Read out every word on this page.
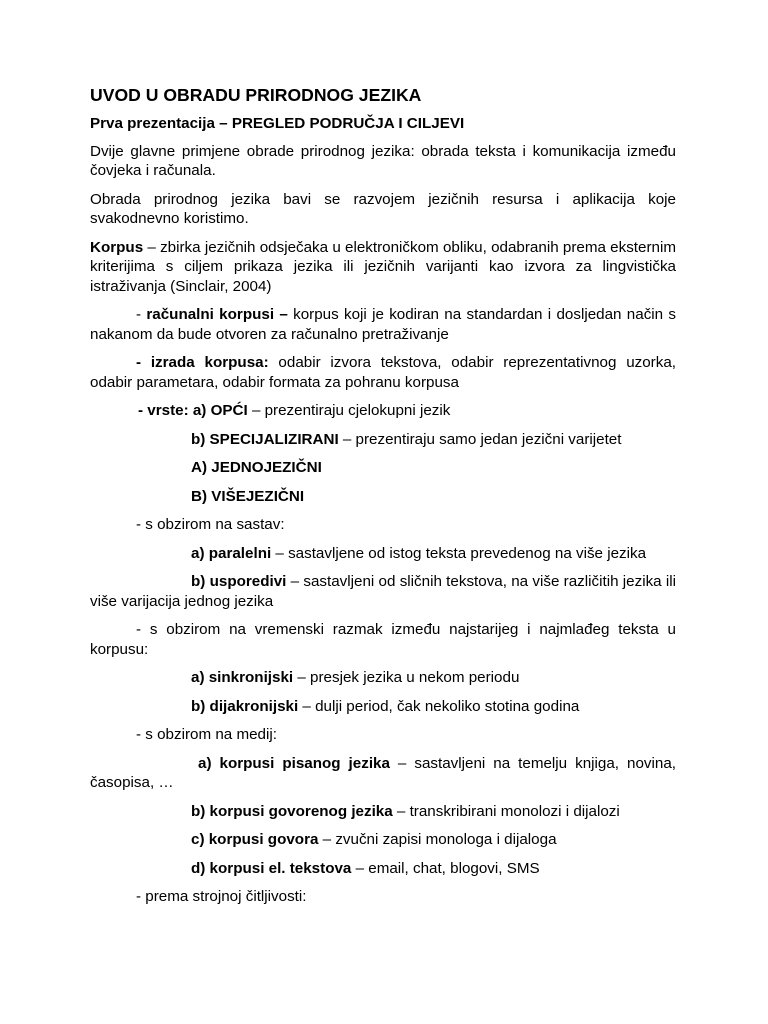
UVOD U OBRADU PRIRODNOG JEZIKA
Prva prezentacija – PREGLED PODRUČJA I CILJEVI

Dvije glavne primjene obrade prirodnog jezika: obrada teksta i komunikacija između čovjeka i računala.

Obrada prirodnog jezika bavi se razvojem jezičnih resursa i aplikacija koje svakodnevno koristimo.

Korpus – zbirka jezičnih odsječaka u elektroničkom obliku, odabranih prema eksternim kriterijima s ciljem prikaza jezika ili jezičnih varijanti kao izvora za lingvistička istraživanja (Sinclair, 2004)

- računalni korpusi – korpus koji je kodiran na standardan i dosljedan način s nakanom da bude otvoren za računalno pretraživanje

- izrada korpusa: odabir izvora tekstova, odabir reprezentativnog uzorka, odabir parametara, odabir formata za pohranu korpusa

- vrste: a) OPĆI – prezentiraju cjelokupni jezik

b) SPECIJALIZIRANI – prezentiraju samo jedan jezični varijetet

A) JEDNOJEZIČNI

B) VIŠEJEZIČNI

- s obzirom na sastav:

a) paralelni – sastavljene od istog teksta prevedenog na više jezika

b) usporedivi – sastavljeni od sličnih tekstova, na više različitih jezika ili više varijacija jednog jezika

- s obzirom na vremenski razmak između najstarijeg i najmlađeg teksta u korpusu:

a) sinkronijski – presjek jezika u nekom periodu

b) dijakronijski – dulji period, čak nekoliko stotina godina

- s obzirom na medij:

a) korpusi pisanog jezika – sastavljeni na temelju knjiga, novina, časopisa, …

b) korpusi govorenog jezika – transkribirani monolozi i dijalozi

c) korpusi govora – zvučni zapisi monologa i dijaloga

d) korpusi el. tekstova – email, chat, blogovi, SMS

- prema strojnoj čitljivosti:
